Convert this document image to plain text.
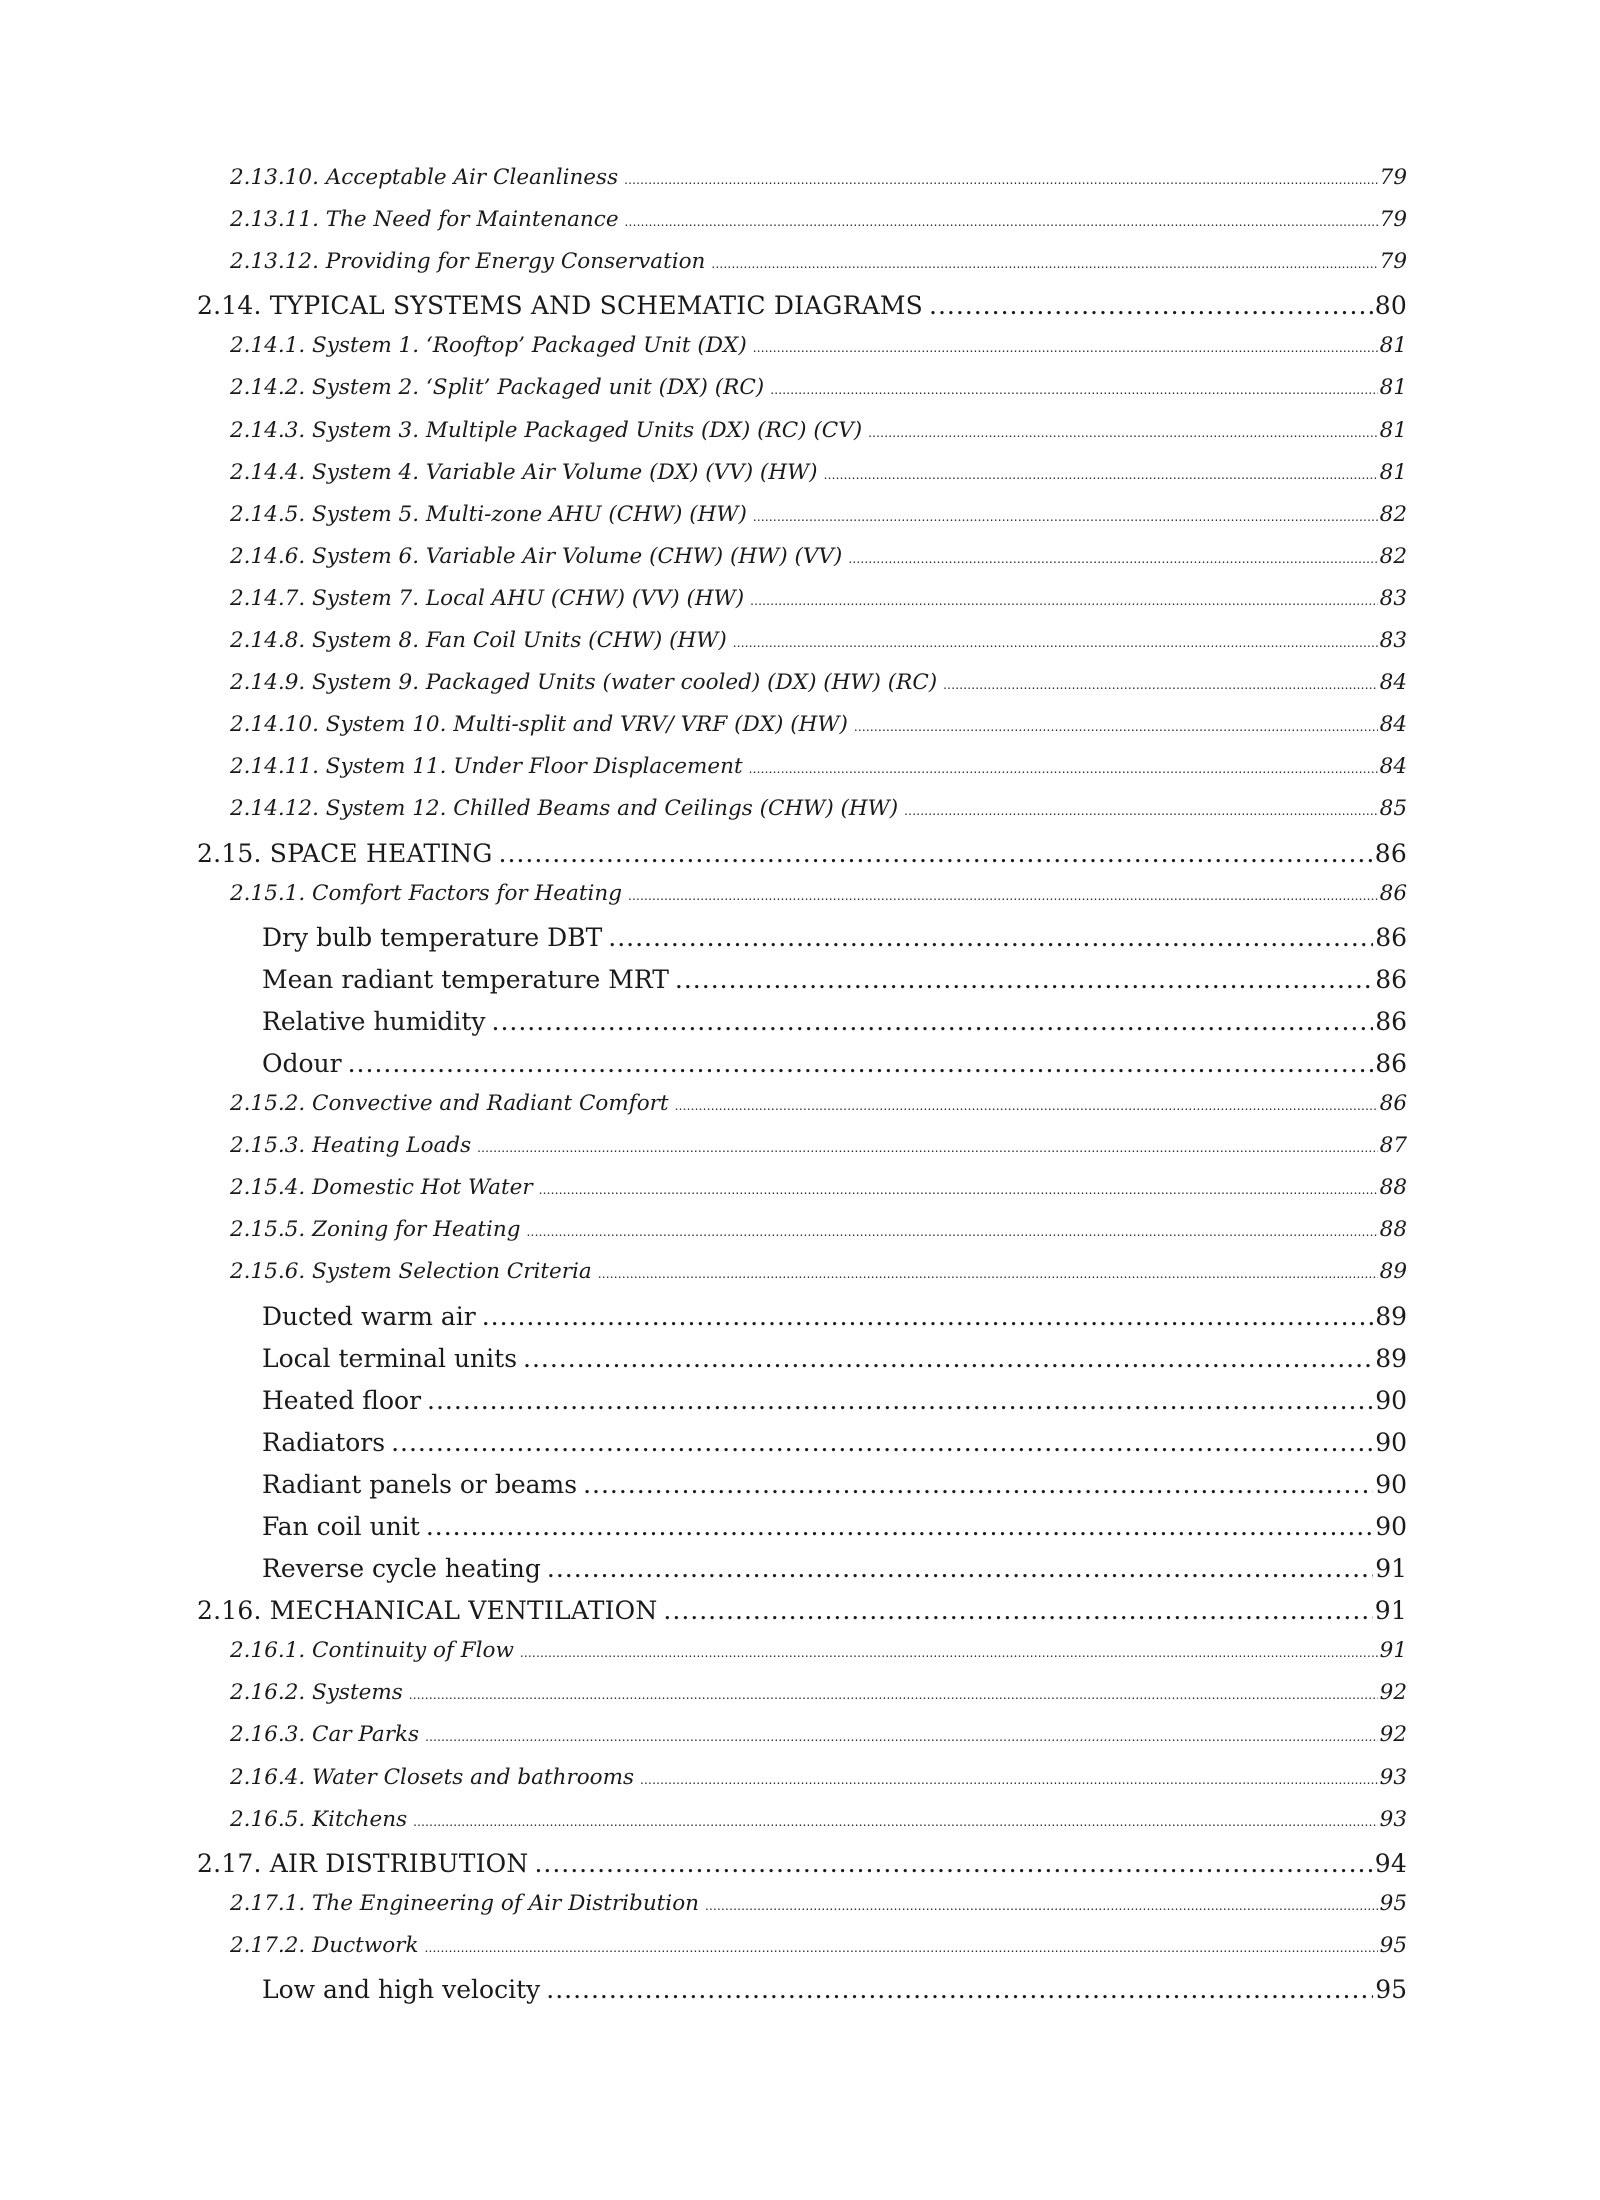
2.13.10. Acceptable Air Cleanliness .....	79
2.13.11. The Need for Maintenance .....	79
2.13.12. Providing for Energy Conservation .....	79
2.14. TYPICAL SYSTEMS AND SCHEMATIC DIAGRAMS .....	80
2.14.1. System 1. ‘Rooftop’ Packaged Unit (DX) .....	81
2.14.2. System 2. ‘Split’ Packaged unit (DX) (RC) .....	81
2.14.3. System 3. Multiple Packaged Units (DX) (RC) (CV) .....	81
2.14.4. System 4. Variable Air Volume (DX) (VV) (HW) .....	81
2.14.5. System 5. Multi-zone AHU (CHW) (HW) .....	82
2.14.6. System 6. Variable Air Volume (CHW) (HW) (VV) .....	82
2.14.7. System 7. Local AHU (CHW) (VV) (HW) .....	83
2.14.8. System 8. Fan Coil Units (CHW) (HW) .....	83
2.14.9. System 9. Packaged Units (water cooled) (DX) (HW) (RC) .....	84
2.14.10. System 10. Multi-split and VRV/ VRF (DX) (HW) .....	84
2.14.11. System 11. Under Floor Displacement .....	84
2.14.12. System 12. Chilled Beams and Ceilings (CHW) (HW) .....	85
2.15. SPACE HEATING .....	86
2.15.1. Comfort Factors for Heating .....	86
Dry bulb temperature DBT .....	86
Mean radiant temperature MRT .....	86
Relative humidity .....	86
Odour .....	86
2.15.2. Convective and Radiant Comfort .....	86
2.15.3. Heating Loads .....	87
2.15.4. Domestic Hot Water .....	88
2.15.5. Zoning for Heating .....	88
2.15.6. System Selection Criteria .....	89
Ducted warm air .....	89
Local terminal units .....	89
Heated floor .....	90
Radiators .....	90
Radiant panels or beams .....	90
Fan coil unit .....	90
Reverse cycle heating .....	91
2.16. MECHANICAL VENTILATION .....	91
2.16.1. Continuity of Flow .....	91
2.16.2. Systems .....	92
2.16.3. Car Parks .....	92
2.16.4. Water Closets and bathrooms .....	93
2.16.5. Kitchens .....	93
2.17. AIR DISTRIBUTION .....	94
2.17.1. The Engineering of Air Distribution .....	95
2.17.2. Ductwork .....	95
Low and high velocity .....	95
